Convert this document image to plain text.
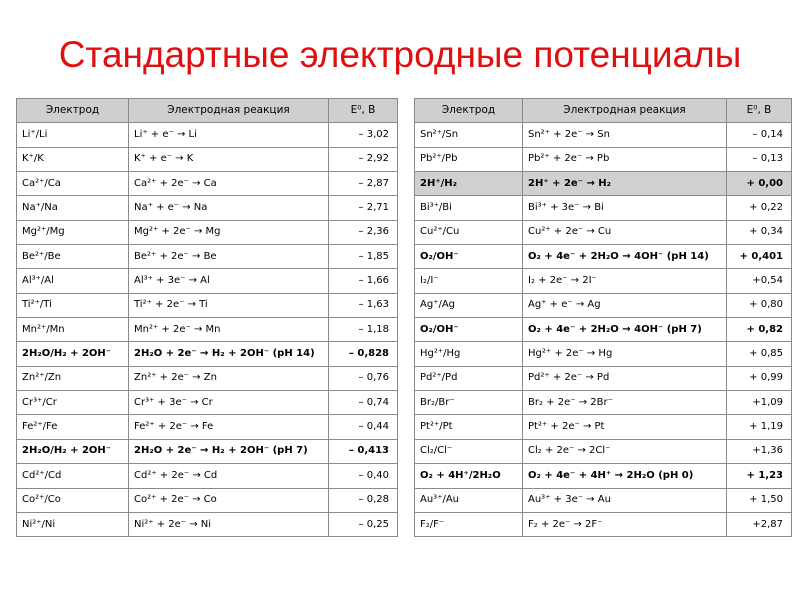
Стандартные электродные потенциалы
Электрод	Электродная реакция	E⁰, В
Li⁺/Li	Li⁺ + e⁻ → Li	– 3,02
K⁺/K	K⁺ + e⁻ → K	– 2,92
Ca²⁺/Ca	Ca²⁺ + 2e⁻ → Ca	– 2,87
Na⁺/Na	Na⁺ + e⁻ → Na	– 2,71
Mg²⁺/Mg	Mg²⁺ + 2e⁻ → Mg	– 2,36
Be²⁺/Be	Be²⁺ + 2e⁻ → Be	– 1,85
Al³⁺/Al	Al³⁺ + 3e⁻ → Al	– 1,66
Ti²⁺/Ti	Ti²⁺ + 2e⁻ → Ti	– 1,63
Mn²⁺/Mn	Mn²⁺ + 2e⁻ → Mn	– 1,18
2H₂O/H₂ + 2OH⁻	2H₂O + 2e⁻ → H₂ + 2OH⁻ (pH 14)	– 0,828
Zn²⁺/Zn	Zn²⁺ + 2e⁻ → Zn	– 0,76
Cr³⁺/Cr	Cr³⁺ + 3e⁻ → Cr	– 0,74
Fe²⁺/Fe	Fe²⁺ + 2e⁻ → Fe	– 0,44
2H₂O/H₂ + 2OH⁻	2H₂O + 2e⁻ → H₂ + 2OH⁻ (pH 7)	– 0,413
Cd²⁺/Cd	Cd²⁺ + 2e⁻ → Cd	– 0,40
Co²⁺/Co	Co²⁺ + 2e⁻ → Co	– 0,28
Ni²⁺/Ni	Ni²⁺ + 2e⁻ → Ni	– 0,25
Электрод	Электродная реакция	E⁰, В
Sn²⁺/Sn	Sn²⁺ + 2e⁻ → Sn	– 0,14
Pb²⁺/Pb	Pb²⁺ + 2e⁻ → Pb	– 0,13
2H⁺/H₂	2H⁺ + 2e⁻ → H₂	+ 0,00
Bi³⁺/Bi	Bi³⁺ + 3e⁻ → Bi	+ 0,22
Cu²⁺/Cu	Cu²⁺ + 2e⁻ → Cu	+ 0,34
O₂/OH⁻	O₂ + 4e⁻ + 2H₂O → 4OH⁻ (pH 14)	+ 0,401
I₂/I⁻	I₂ + 2e⁻ → 2I⁻	+0,54
Ag⁺/Ag	Ag⁺ + e⁻ → Ag	+ 0,80
O₂/OH⁻	O₂ + 4e⁻ + 2H₂O → 4OH⁻ (pH 7)	+ 0,82
Hg²⁺/Hg	Hg²⁺ + 2e⁻ → Hg	+ 0,85
Pd²⁺/Pd	Pd²⁺ + 2e⁻ → Pd	+ 0,99
Br₂/Br⁻	Br₂ + 2e⁻ → 2Br⁻	+1,09
Pt²⁺/Pt	Pt²⁺ + 2e⁻ → Pt	+ 1,19
Cl₂/Cl⁻	Cl₂ + 2e⁻ → 2Cl⁻	+1,36
O₂ + 4H⁺/2H₂O	O₂ + 4e⁻ + 4H⁺ → 2H₂O (pH 0)	+ 1,23
Au³⁺/Au	Au³⁺ + 3e⁻ → Au	+ 1,50
F₂/F⁻	F₂ + 2e⁻ → 2F⁻	+2,87
